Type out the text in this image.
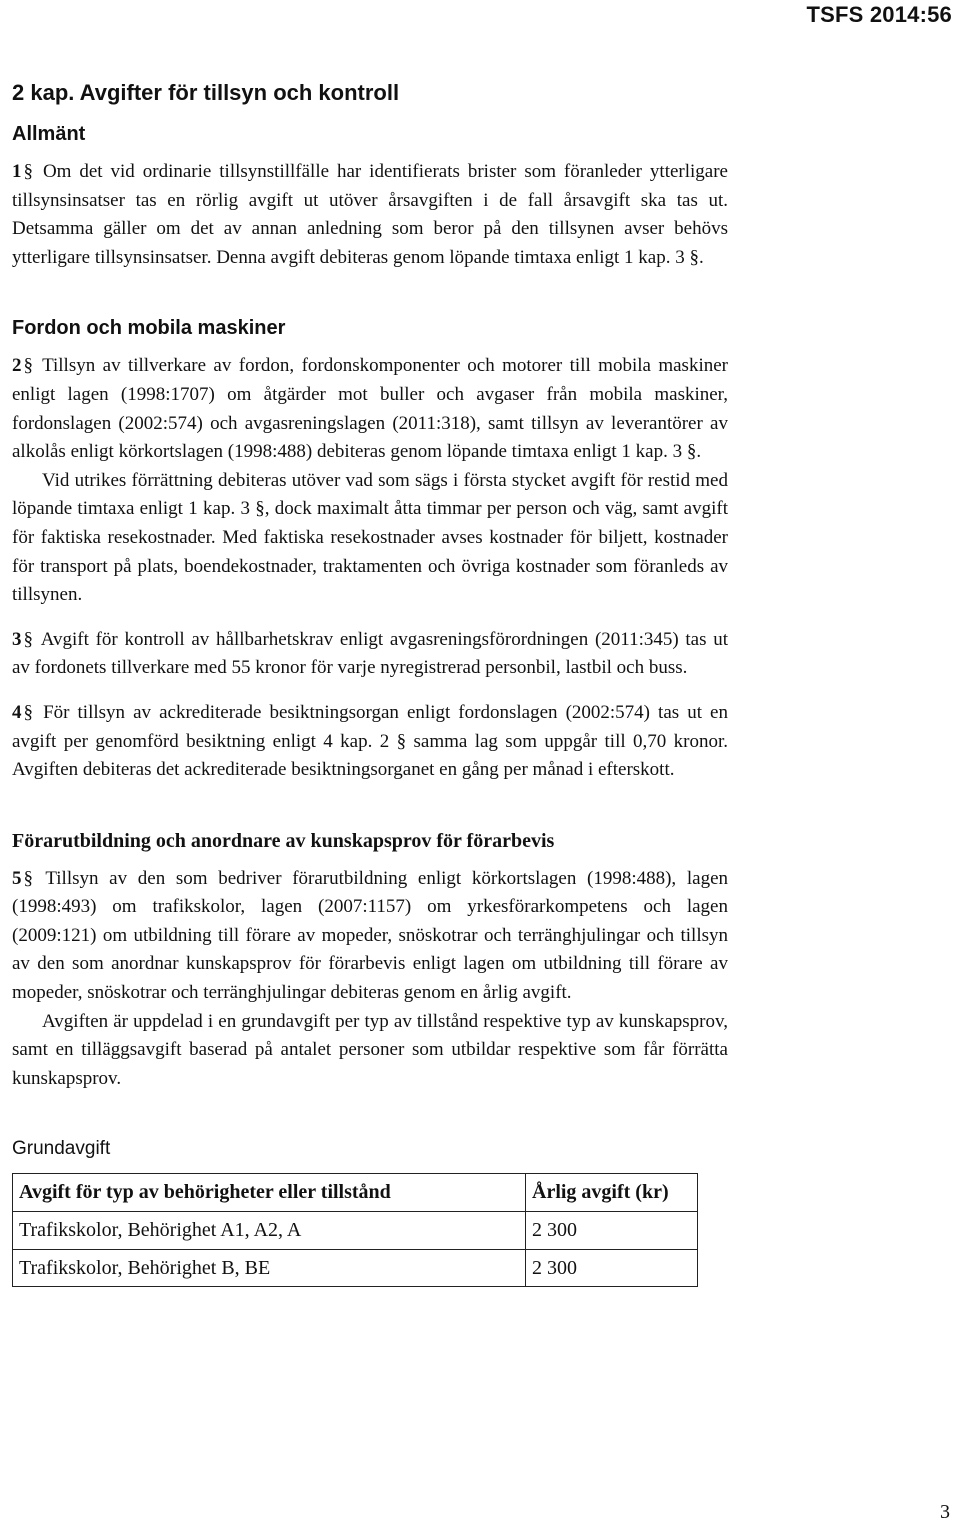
TSFS 2014:56
2 kap. Avgifter för tillsyn och kontroll
Allmänt

1 § Om det vid ordinarie tillsynstillfälle har identifierats brister som föranleder ytterligare tillsynsinsatser tas en rörlig avgift ut utöver årsavgiften i de fall årsavgift ska tas ut. Detsamma gäller om det av annan anledning som beror på den tillsynen avser behövs ytterligare tillsynsinsatser. Denna avgift debiteras genom löpande timtaxa enligt 1 kap. 3 §.

Fordon och mobila maskiner

2 § Tillsyn av tillverkare av fordon, fordonskomponenter och motorer till mobila maskiner enligt lagen (1998:1707) om åtgärder mot buller och avgaser från mobila maskiner, fordonslagen (2002:574) och avgasreningslagen (2011:318), samt tillsyn av leverantörer av alkolås enligt körkortslagen (1998:488) debiteras genom löpande timtaxa enligt 1 kap. 3 §.

Vid utrikes förrättning debiteras utöver vad som sägs i första stycket avgift för restid med löpande timtaxa enligt 1 kap. 3 §, dock maximalt åtta timmar per person och väg, samt avgift för faktiska resekostnader. Med faktiska resekostnader avses kostnader för biljett, kostnader för transport på plats, boendekostnader, traktamenten och övriga kostnader som föranleds av tillsynen.

3 § Avgift för kontroll av hållbarhetskrav enligt avgasreningsförordningen (2011:345) tas ut av fordonets tillverkare med 55 kronor för varje nyregistrerad personbil, lastbil och buss.

4 § För tillsyn av ackrediterade besiktningsorgan enligt fordonslagen (2002:574) tas ut en avgift per genomförd besiktning enligt 4 kap. 2 § samma lag som uppgår till 0,70 kronor. Avgiften debiteras det ackrediterade besiktningsorganet en gång per månad i efterskott.

Förarutbildning och anordnare av kunskapsprov för förarbevis

5 § Tillsyn av den som bedriver förarutbildning enligt körkortslagen (1998:488), lagen (1998:493) om trafikskolor, lagen (2007:1157) om yrkesförarkompetens och lagen (2009:121) om utbildning till förare av mopeder, snöskotrar och terränghjulingar och tillsyn av den som anordnar kunskapsprov för förarbevis enligt lagen om utbildning till förare av mopeder, snöskotrar och terränghjulingar debiteras genom en årlig avgift.

Avgiften är uppdelad i en grundavgift per typ av tillstånd respektive typ av kunskapsprov, samt en tilläggsavgift baserad på antalet personer som utbildar respektive som får förrätta kunskapsprov.

Grundavgift
Avgift för typ av behörigheter eller tillstånd	Årlig avgift (kr)
Trafikskolor, Behörighet A1, A2, A	2 300
Trafikskolor, Behörighet B, BE	2 300
3
